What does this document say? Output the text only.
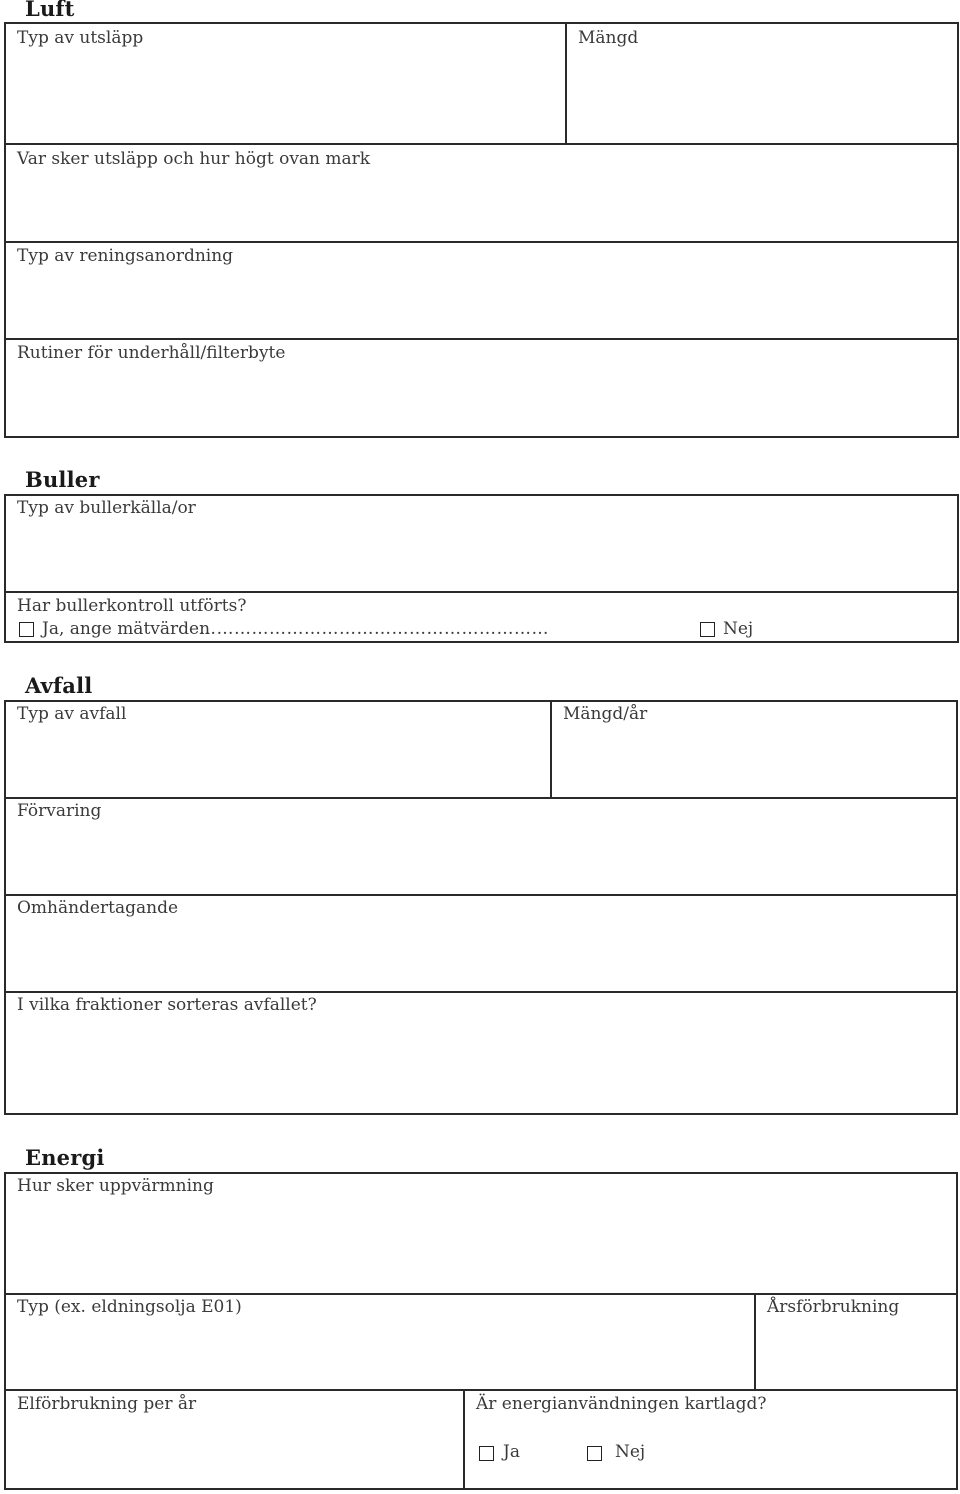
Luft
Typ av utsläpp	Mängd
Var sker utsläpp och hur högt ovan mark
Typ av reningsanordning
Rutiner för underhåll/filterbyte
Buller
Typ av bullerkälla/or
Har bullerkontroll utförts?
Ja, ange mätvärden
……………………………………………………	Nej
Avfall
Typ av avfall	Mängd/år
Förvaring
Omhändertagande
I vilka fraktioner sorteras avfallet?
Energi
Hur sker uppvärmning
Typ (ex. eldningsolja E01)	Årsförbrukning
Elförbrukning per år	Är energianvändningen kartlagd?
Ja	Nej
